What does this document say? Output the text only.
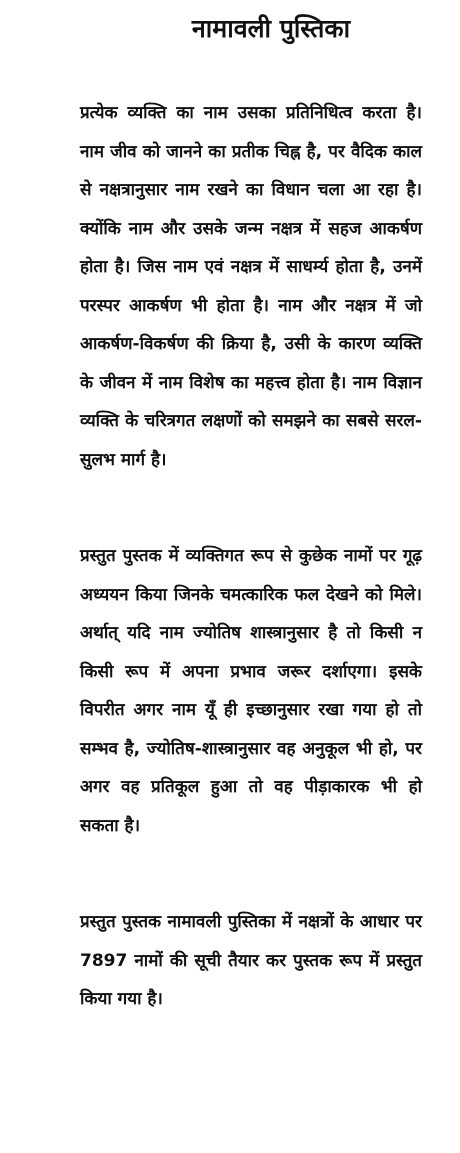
नामावली पुस्तिका

प्रत्येक व्यक्ति का नाम उसका प्रतिनिधित्व करता है। नाम जीव को जानने का प्रतीक चिह्न है, पर वैदिक काल से नक्षत्रानुसार नाम रखने का विधान चला आ रहा है। क्योंकि नाम और उसके जन्म नक्षत्र में सहज आकर्षण होता है। जिस नाम एवं नक्षत्र में साधर्म्य होता है, उनमें परस्पर आकर्षण भी होता है। नाम और नक्षत्र में जो आकर्षण-विकर्षण की क्रिया है, उसी के कारण व्यक्ति के जीवन में नाम विशेष का महत्त्व होता है। नाम विज्ञान व्यक्ति के चरित्रगत लक्षणों को समझने का सबसे सरल-सुलभ मार्ग है।

प्रस्तुत पुस्तक में व्यक्तिगत रूप से कुछेक नामों पर गूढ़ अध्ययन किया जिनके चमत्कारिक फल देखने को मिले। अर्थात् यदि नाम ज्योतिष शास्त्रानुसार है तो किसी न किसी रूप में अपना प्रभाव जरूर दर्शाएगा। इसके विपरीत अगर नाम यूँ ही इच्छानुसार रखा गया हो तो सम्भव है, ज्योतिष-शास्त्रानुसार वह अनुकूल भी हो, पर अगर वह प्रतिकूल हुआ तो वह पीड़ाकारक भी हो सकता है।

प्रस्तुत पुस्तक नामावली पुस्तिका में नक्षत्रों के आधार पर 7897 नामों की सूची तैयार कर पुस्तक रूप में प्रस्तुत किया गया है।
